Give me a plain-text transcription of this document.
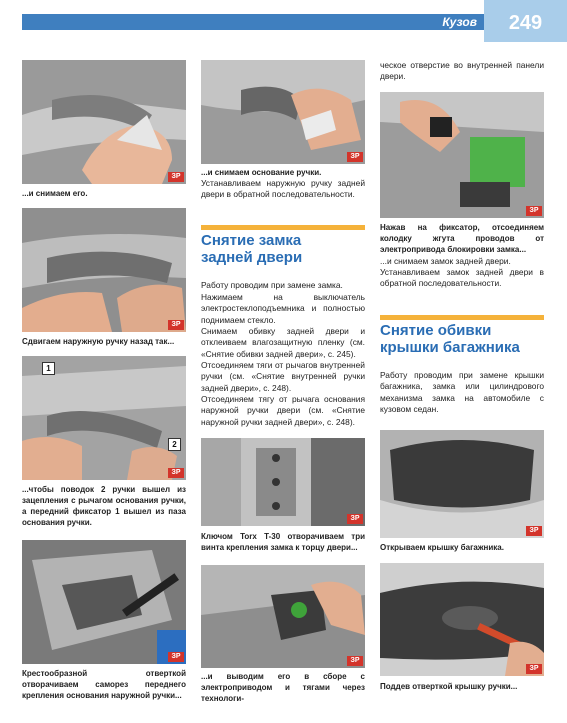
Кузов	249
ЗР
...и снимаем его.
ЗР
Сдвигаем наружную ручку назад так...
1
2
ЗР
...чтобы поводок 2 ручки вышел из зацепления с рычагом основания ручки, а передний фиксатор 1 вышел из паза основания ручки.
ЗР
Крестообразной отверткой отворачиваем саморез переднего крепления основания наружной ручки...
ЗР
...и снимаем основание ручки.
Устанавливаем наружную ручку задней двери в обратной последовательности.
Снятие замка
задней двери
Работу проводим при замене замка.
Нажимаем на выключатель электростеклоподъемника и полностью поднимаем стекло.
Снимаем обивку задней двери и отклеиваем влагозащитную пленку (см. «Снятие обивки задней двери», с. 245).
Отсоединяем тяги от рычагов внутренней ручки (см. «Снятие внутренней ручки задней двери», с. 248).
Отсоединяем тягу от рычага основания наружной ручки двери (см. «Снятие наружной ручки задней двери», с. 248).
ЗР
Ключом Torx T-30 отворачиваем три винта крепления замка к торцу двери...
ЗР
...и выводим его в сборе с электроприводом и тягами через технологи-
ческое отверстие во внутренней панели двери.
ЗР
Нажав на фиксатор, отсоединяем колодку жгута проводов от электропривода блокировки замка...
...и снимаем замок задней двери.
Устанавливаем замок задней двери в обратной последовательности.
Снятие обивки
крышки багажника
Работу проводим при замене крышки багажника, замка или цилиндрового механизма замка на автомобиле с кузовом седан.
ЗР
Открываем крышку багажника.
ЗР
Поддев отверткой крышку ручки...
